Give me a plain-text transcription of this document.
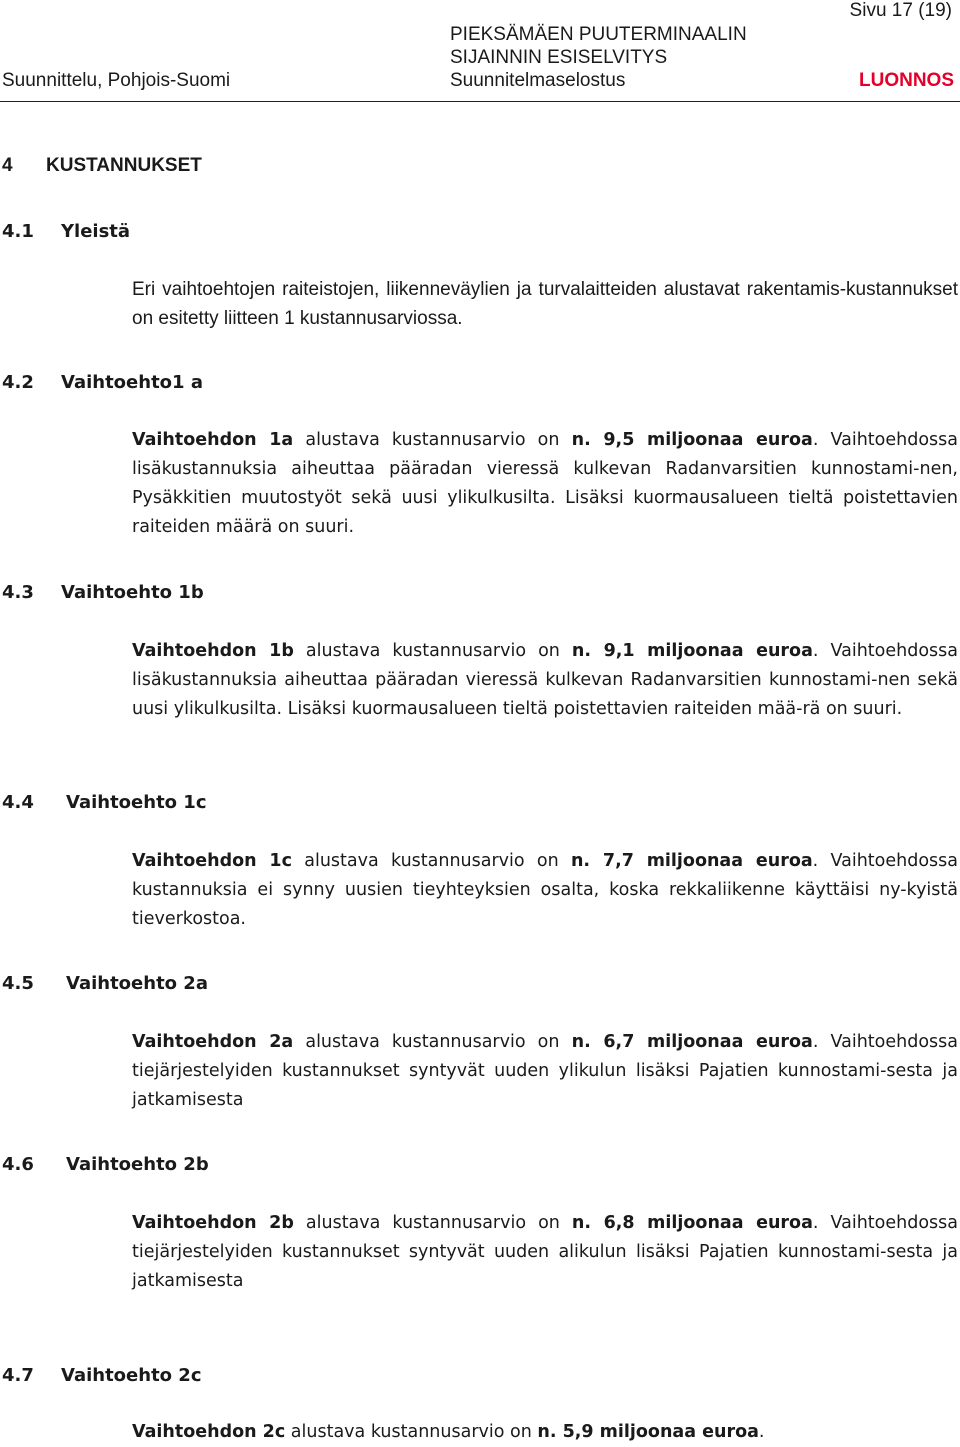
Sivu 17 (19)
PIEKSÄMÄEN PUUTERMINAALIN
SIJAINNIN ESISELVITYS
Suunnittelu, Pohjois-Suomi	Suunnitelmaselostus	LUONNOS
4 KUSTANNUKSET
4.1 Yleistä
Eri vaihtoehtojen raiteistojen, liikenneväylien ja turvalaitteiden alustavat rakentamis-kustannukset on esitetty liitteen 1 kustannusarviossa.
4.2 Vaihtoehto1 a
Vaihtoehdon 1a alustava kustannusarvio on n. 9,5 miljoonaa euroa. Vaihtoehdossa lisäkustannuksia aiheuttaa pääradan vieressä kulkevan Radanvarsitien kunnostami-nen, Pysäkkitien muutostyöt sekä uusi ylikulkusilta. Lisäksi kuormausalueen tieltä poistettavien raiteiden määrä on suuri.
4.3 Vaihtoehto 1b
Vaihtoehdon 1b alustava kustannusarvio on n. 9,1 miljoonaa euroa. Vaihtoehdossa lisäkustannuksia aiheuttaa pääradan vieressä kulkevan Radanvarsitien kunnostami-nen sekä uusi ylikulkusilta. Lisäksi kuormausalueen tieltä poistettavien raiteiden mää-rä on suuri.
4.4 Vaihtoehto 1c
Vaihtoehdon 1c alustava kustannusarvio on n. 7,7 miljoonaa euroa. Vaihtoehdossa kustannuksia ei synny uusien tieyhteyksien osalta, koska rekkaliikenne käyttäisi ny-kyistä tieverkostoa.
4.5 Vaihtoehto 2a
Vaihtoehdon 2a alustava kustannusarvio on n. 6,7 miljoonaa euroa. Vaihtoehdossa tiejärjestelyiden kustannukset syntyvät uuden ylikulun lisäksi Pajatien kunnostami-sesta ja jatkamisesta
4.6 Vaihtoehto 2b
Vaihtoehdon 2b alustava kustannusarvio on n. 6,8 miljoonaa euroa. Vaihtoehdossa tiejärjestelyiden kustannukset syntyvät uuden alikulun lisäksi Pajatien kunnostami-sesta ja jatkamisesta
4.7 Vaihtoehto 2c
Vaihtoehdon 2c alustava kustannusarvio on n. 5,9 miljoonaa euroa.
